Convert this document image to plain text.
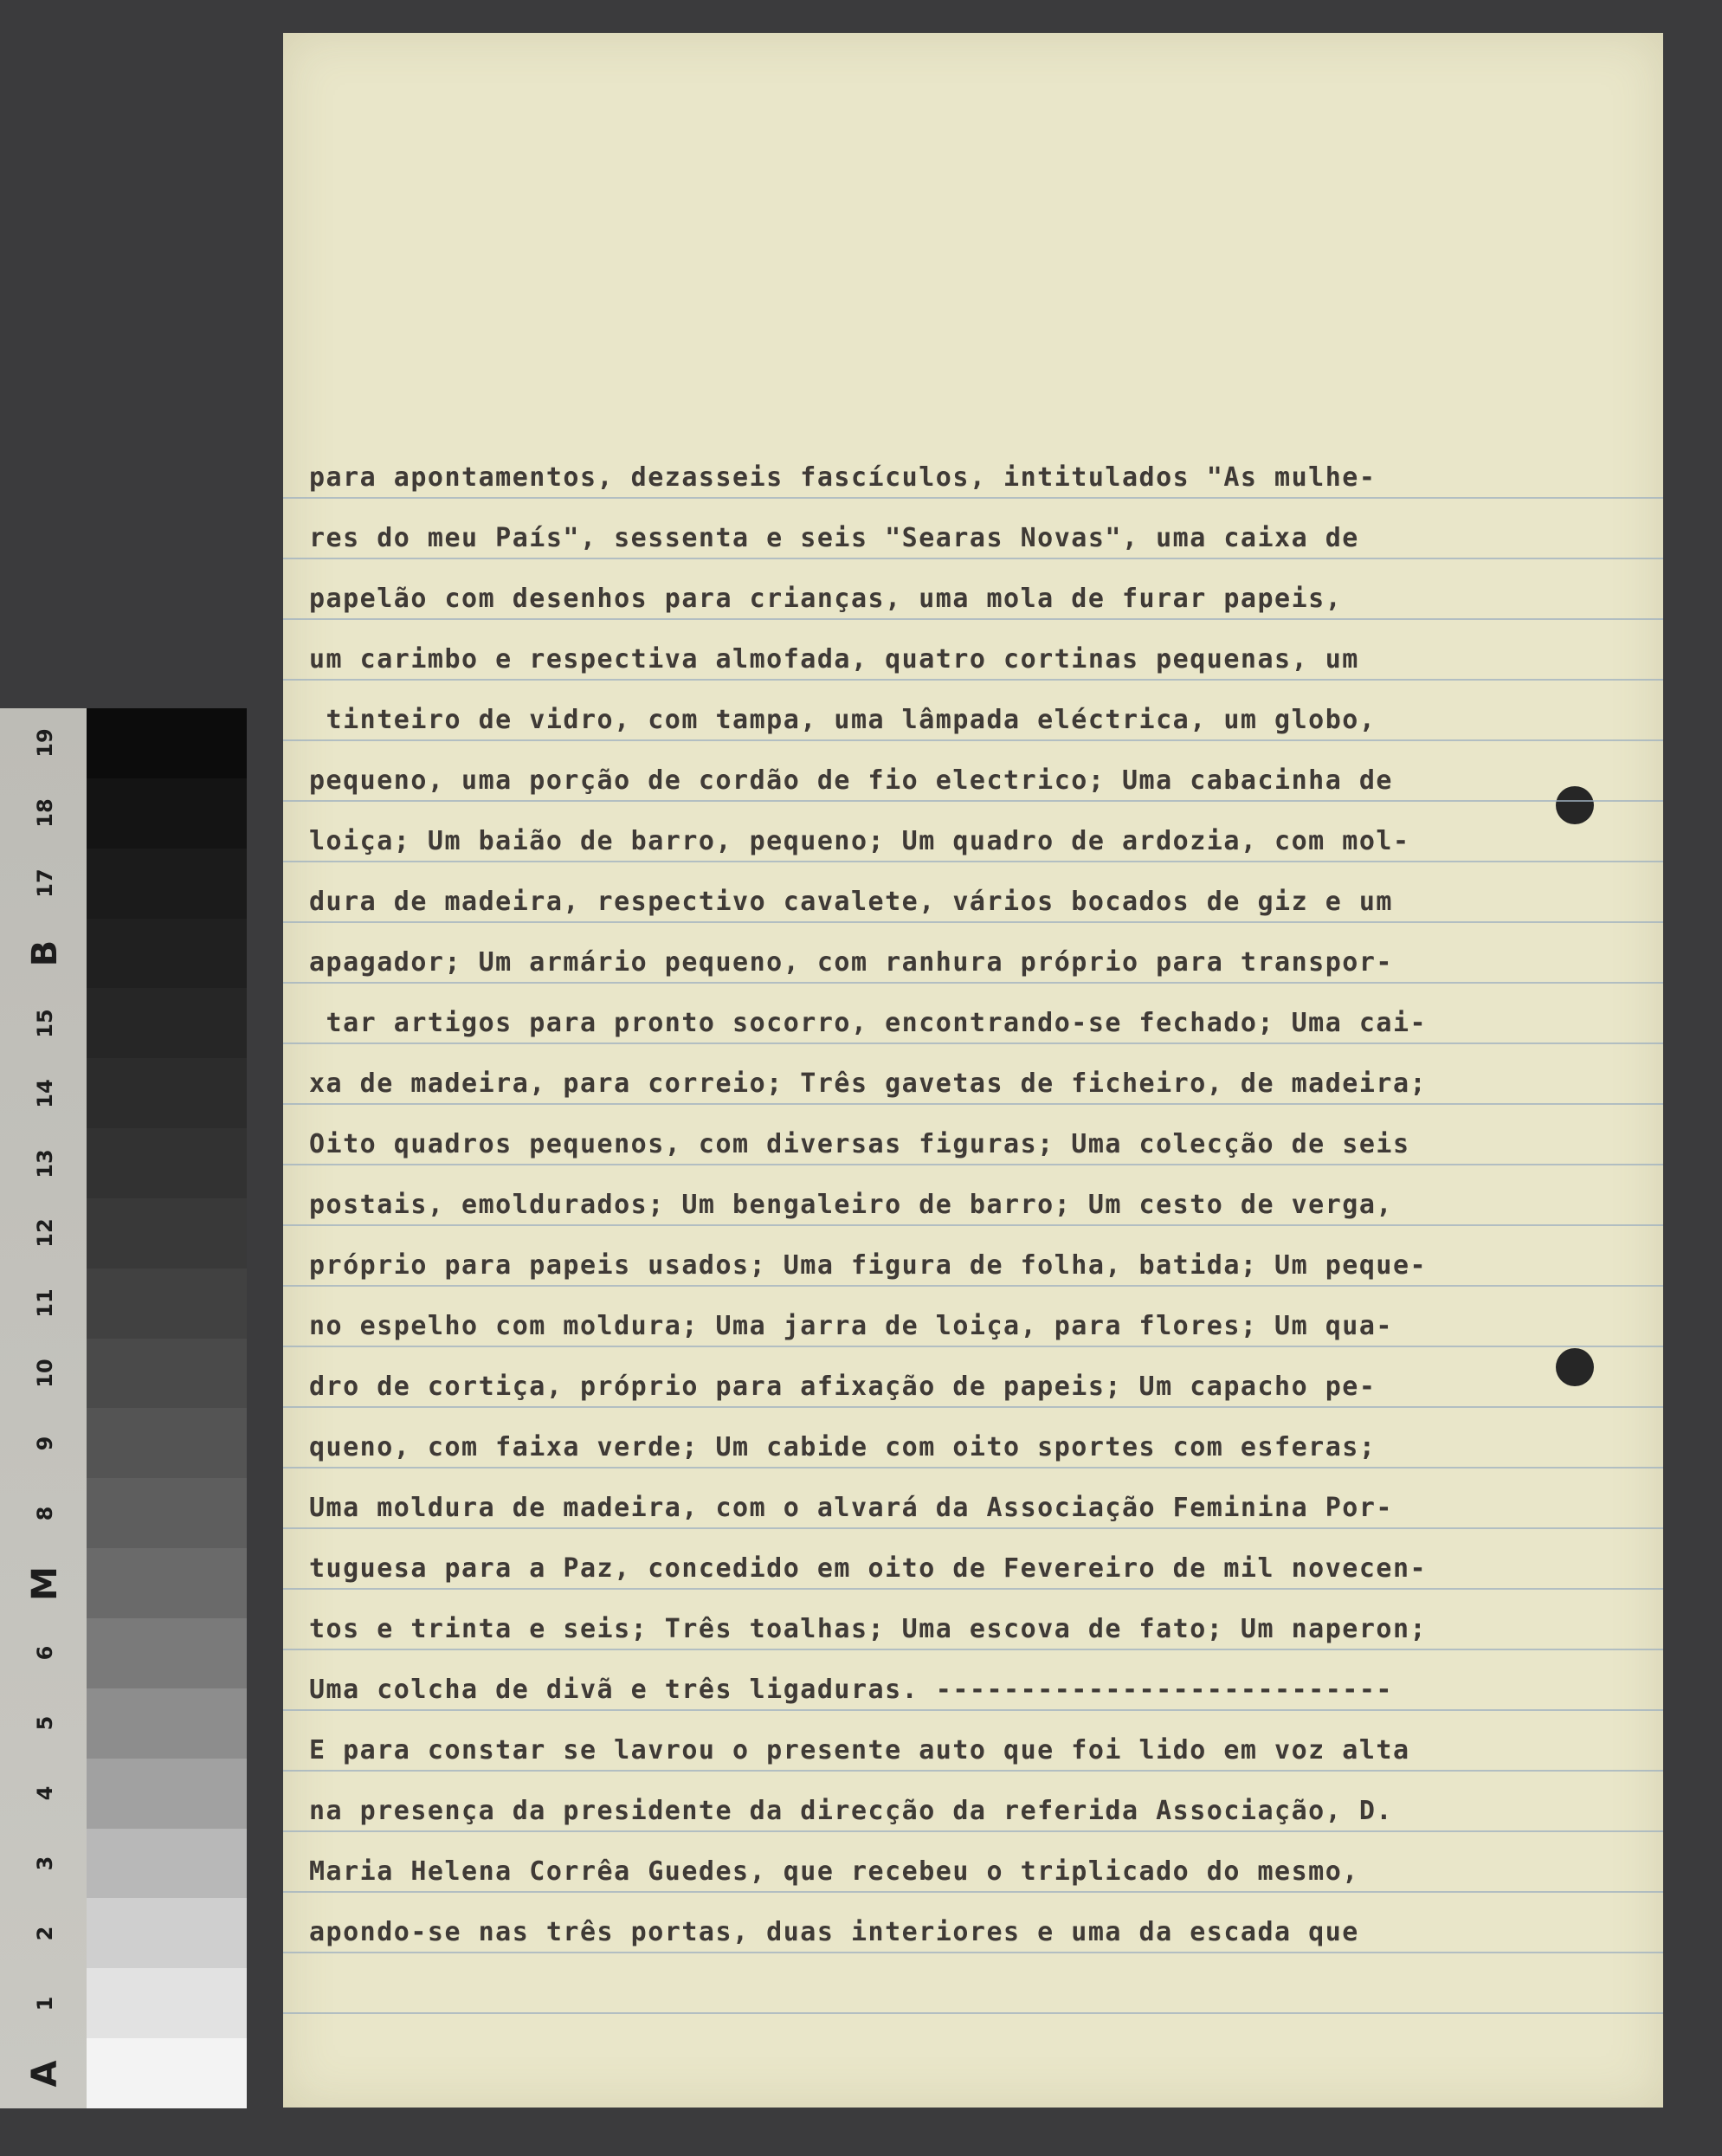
19
18
17
B
15
14
13
12
11
10
9
8
M
6
5
4
3
2
1
A
para apontamentos, dezasseis fascículos, intitulados "As mulhe-
res do meu País", sessenta e seis "Searas Novas", uma caixa de
papelão com desenhos para crianças, uma mola de furar papeis,
um carimbo e respectiva almofada, quatro cortinas pequenas, um
tinteiro de vidro, com tampa, uma lâmpada eléctrica, um globo,
pequeno, uma porção de cordão de fio electrico; Uma cabacinha de
loiça; Um baião de barro, pequeno; Um quadro de ardozia, com mol-
dura de madeira, respectivo cavalete, vários bocados de giz e um
apagador; Um armário pequeno, com ranhura próprio para transpor-
tar artigos para pronto socorro, encontrando-se fechado; Uma cai-
xa de madeira, para correio; Três gavetas de ficheiro, de madeira;
Oito quadros pequenos, com diversas figuras; Uma colecção de seis
postais, emoldurados; Um bengaleiro de barro; Um cesto de verga,
próprio para papeis usados; Uma figura de folha, batida; Um peque-
no espelho com moldura; Uma jarra de loiça, para flores; Um qua-
dro de cortiça, próprio para afixação de papeis; Um capacho pe-
queno, com faixa verde; Um cabide com oito sportes com esferas;
Uma moldura de madeira, com o alvará da Associação Feminina Por-
tuguesa para a Paz, concedido em oito de Fevereiro de mil novecen-
tos e trinta e seis; Três toalhas; Uma escova de fato; Um naperon;
Uma colcha de divã e três ligaduras. ---------------------------
E para constar se lavrou o presente auto que foi lido em voz alta
na presença da presidente da direcção da referida Associação, D.
Maria Helena Corrêa Guedes, que recebeu o triplicado do mesmo,
apondo-se nas três portas, duas interiores e uma da escada que
